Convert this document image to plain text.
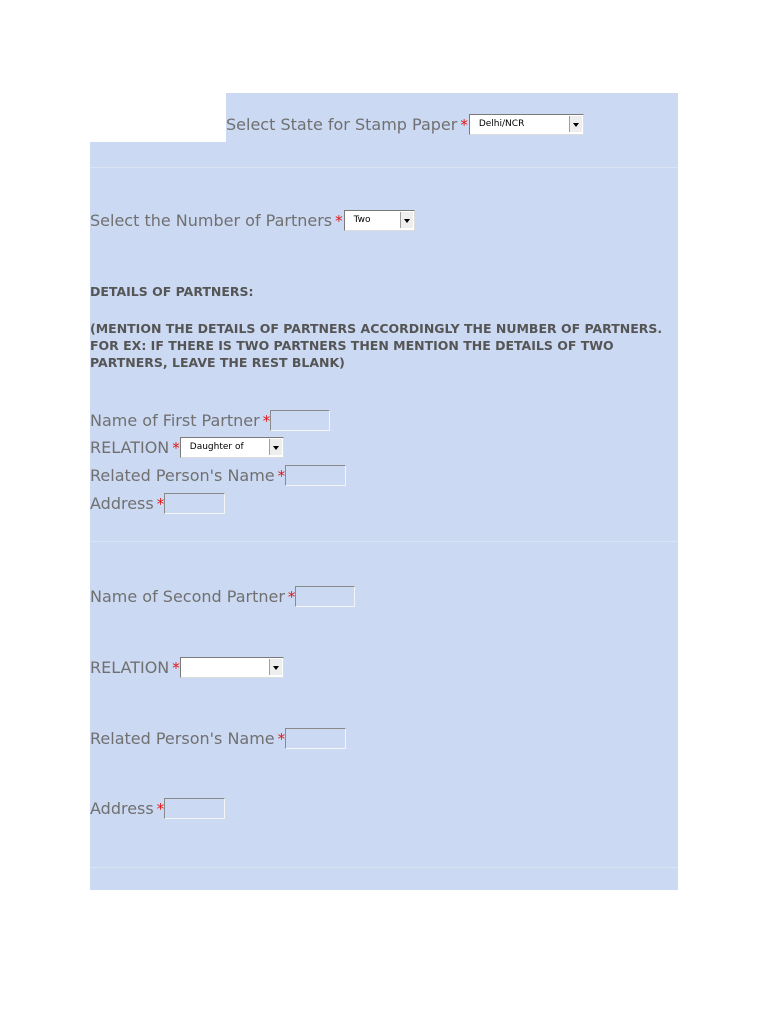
Select State for Stamp Paper * Delhi/NCR
Select the Number of Partners * Two
DETAILS OF PARTNERS:
(MENTION THE DETAILS OF PARTNERS ACCORDINGLY THE NUMBER OF PARTNERS. FOR EX: IF THERE IS TWO PARTNERS THEN MENTION THE DETAILS OF TWO PARTNERS, LEAVE THE REST BLANK)
Name of First Partner *
RELATION * Daughter of
Related Person's Name *
Address *
Name of Second Partner *
RELATION *
Related Person's Name *
Address *
